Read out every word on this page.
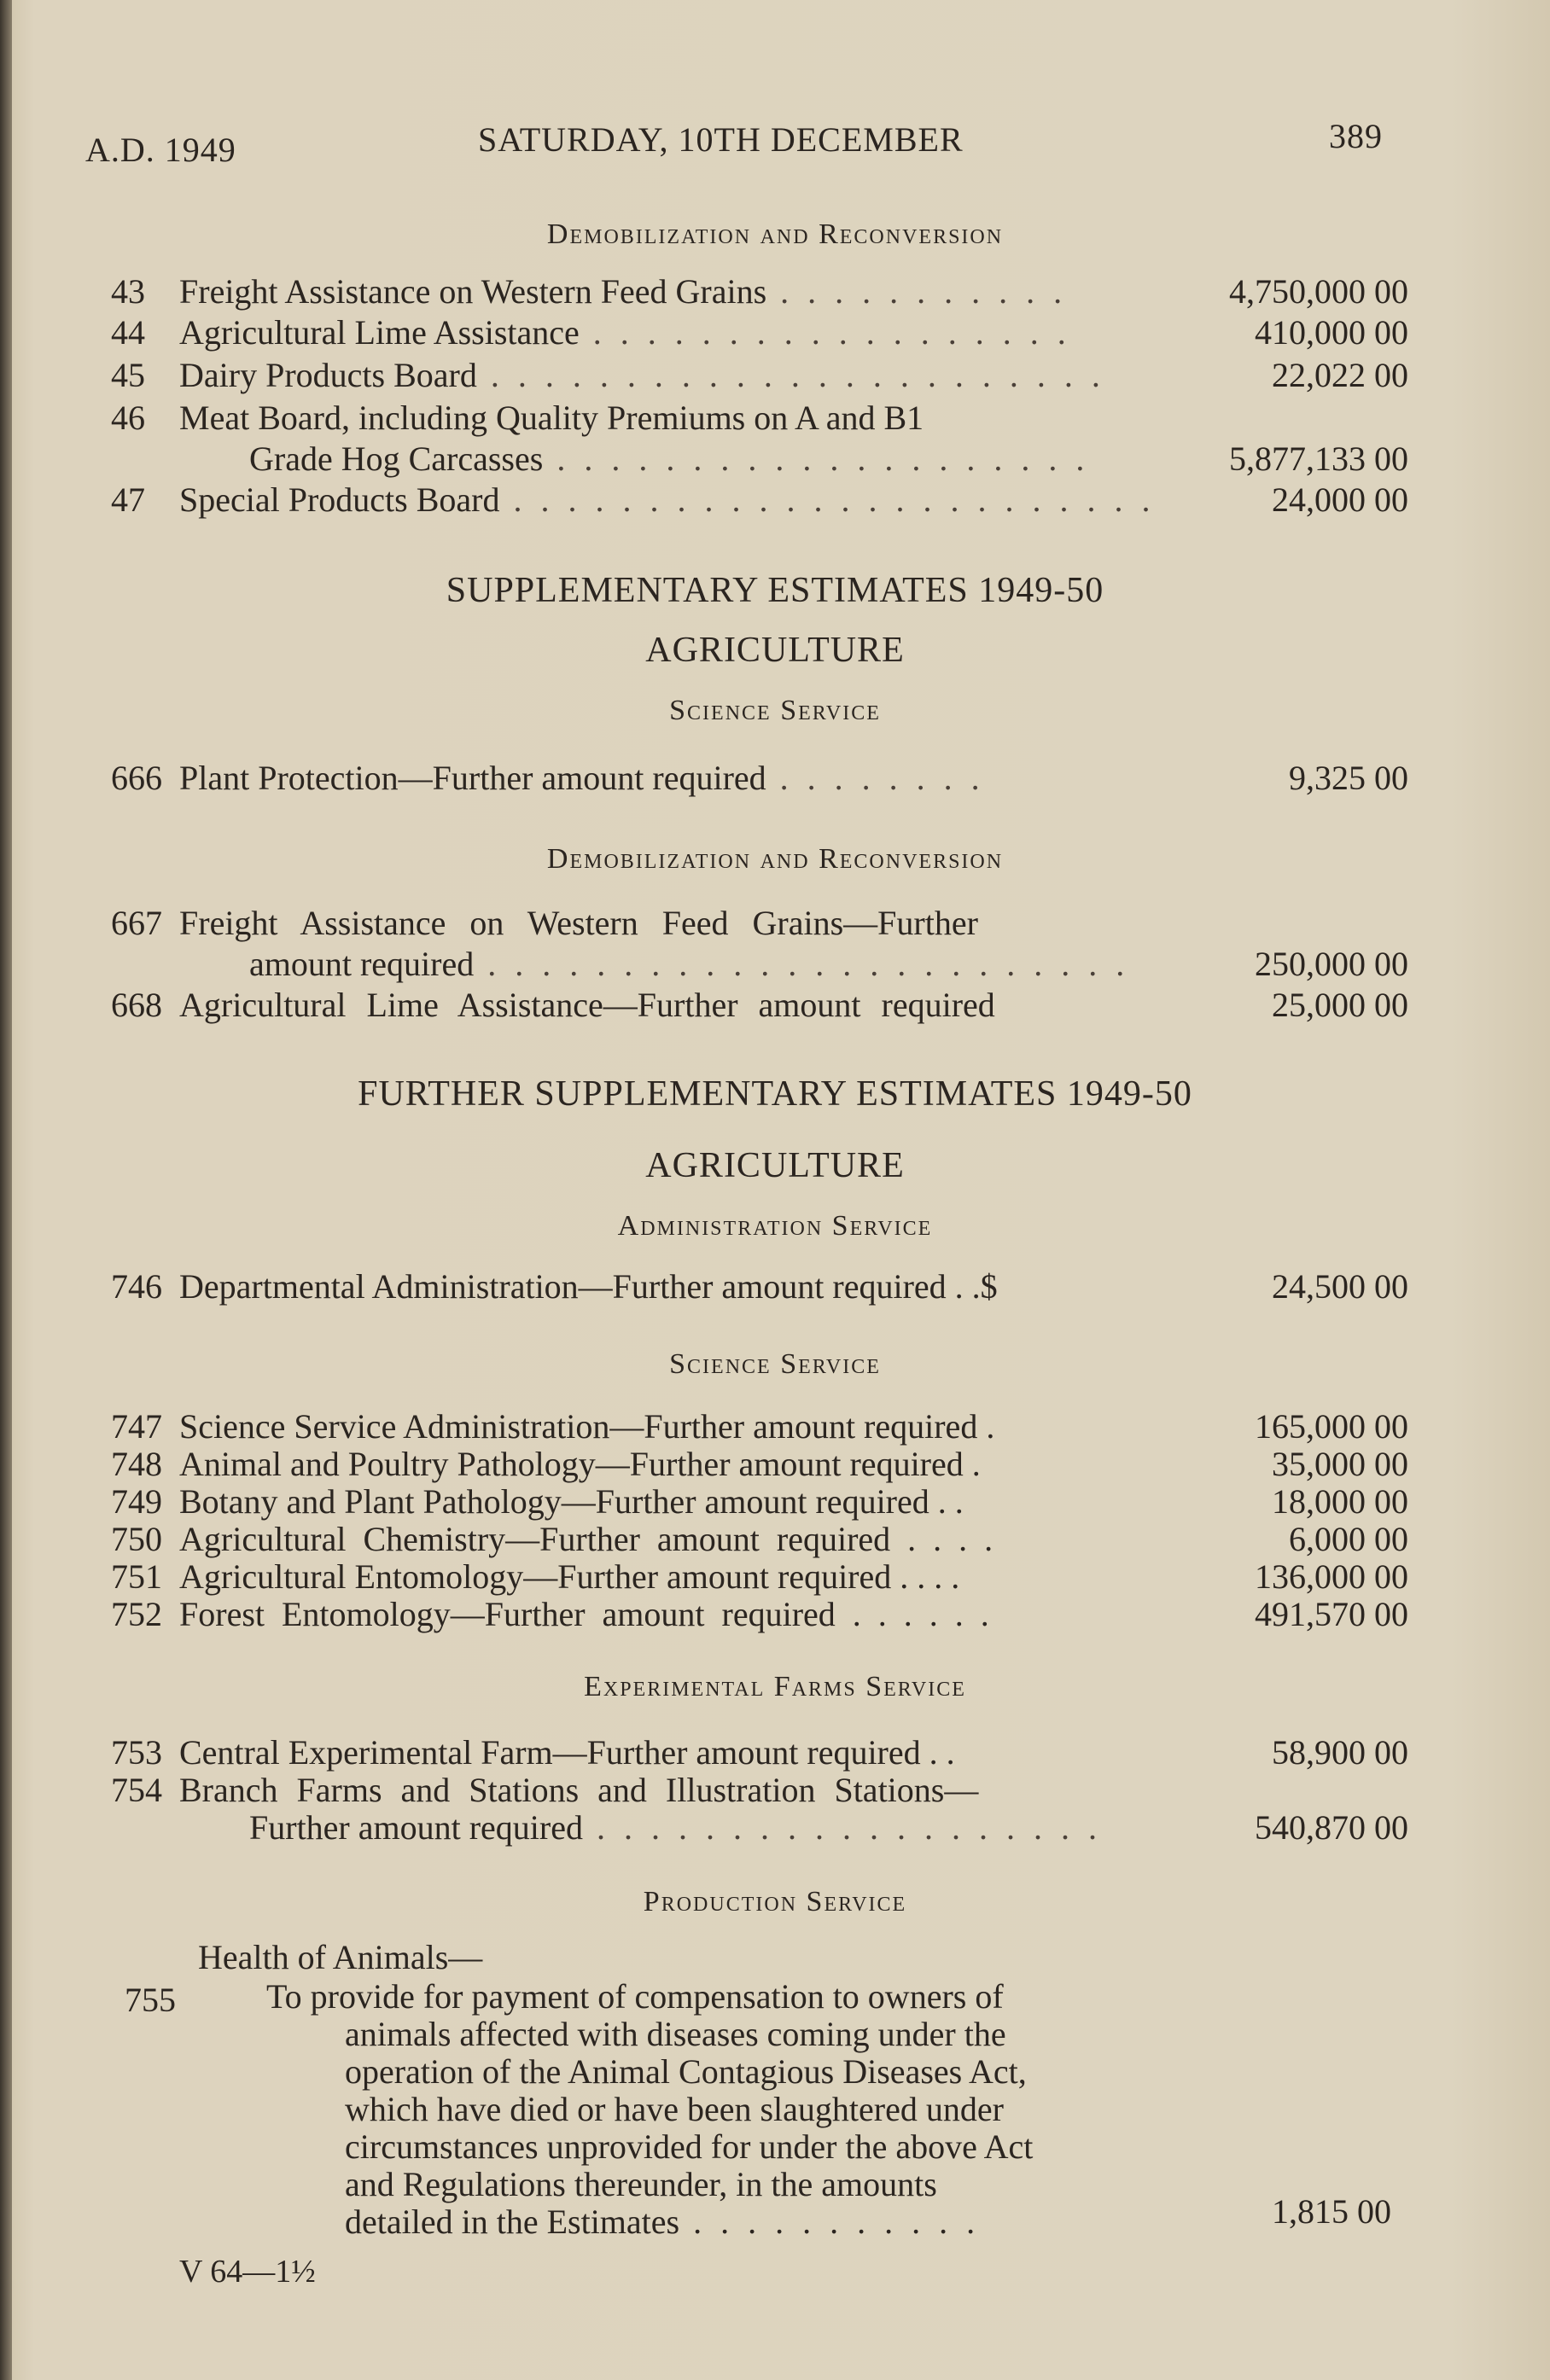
A.D. 1949	SATURDAY, 10TH DECEMBER	389
Demobilization and Reconversion
43	Freight Assistance on Western Feed Grains . . . . . . . . . . .	4,750,000 00
44	Agricultural Lime Assistance . . . . . . . . . . . . . . . . . .	410,000 00
45	Dairy Products Board . . . . . . . . . . . . . . . . . . . . . . .	22,022 00
46	Meat Board, including Quality Premiums on A and B1
Grade Hog Carcasses . . . . . . . . . . . . . . . . . . . .	5,877,133 00
47	Special Products Board . . . . . . . . . . . . . . . . . . . . . . . .	24,000 00
SUPPLEMENTARY ESTIMATES 1949-50
AGRICULTURE
Science Service
666 Plant Protection—Further amount required . . . . . . . .	9,325 00
Demobilization and Reconversion
667 Freight Assistance on Western Feed Grains—Further
amount required . . . . . . . . . . . . . . . . . . . . . . . .	250,000 00
668 Agricultural Lime Assistance—Further amount required	25,000 00
FURTHER SUPPLEMENTARY ESTIMATES 1949-50
AGRICULTURE
Administration Service
746 Departmental Administration—Further amount required . .$	24,500 00
Science Service
747 Science Service Administration—Further amount required .	165,000 00
748 Animal and Poultry Pathology—Further amount required .	35,000 00
749 Botany and Plant Pathology—Further amount required . .	18,000 00
750 Agricultural Chemistry—Further amount required . . . .	6,000 00
751 Agricultural Entomology—Further amount required . . . .	136,000 00
752 Forest Entomology—Further amount required . . . . . .	491,570 00
Experimental Farms Service
753 Central Experimental Farm—Further amount required . .	58,900 00
754 Branch Farms and Stations and Illustration Stations—
Further amount required . . . . . . . . . . . . . . . . . . .	540,870 00
Production Service
Health of Animals—
755	To provide for payment of compensation to owners of
animals affected with diseases coming under the
operation of the Animal Contagious Diseases Act,
which have died or have been slaughtered under
circumstances unprovided for under the above Act
and Regulations thereunder, in the amounts
detailed in the Estimates . . . . . . . . . . .	1,815 00
V 64—1½
